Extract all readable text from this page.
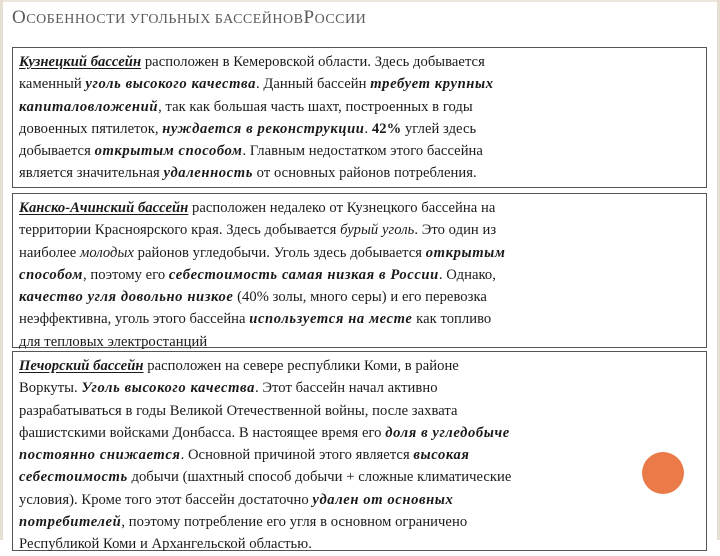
ОСОБЕННОСТИ УГОЛЬНЫХ БАССЕЙНОВРОССИИ
Кузнецкий бассейн расположен в Кемеровской области. Здесь добывается
каменный уголь высокого качества. Данный бассейн требует крупных
капиталовложений, так как большая часть шахт, построенных в годы
довоенных пятилеток, нуждается в реконструкции. 42% углей здесь
добывается открытым способом. Главным недостатком этого бассейна
является значительная удаленность от основных районов потребления.
Канско-Ачинский бассейн расположен недалеко от Кузнецкого бассейна на
территории Красноярского края. Здесь добывается бурый уголь. Это один из
наиболее молодых районов угледобычи. Уголь здесь добывается открытым
способом, поэтому его себестоимость самая низкая в России. Однако,
качество угля довольно низкое (40% золы, много серы) и его перевозка
неэффективна, уголь этого бассейна используется на месте как топливо
для тепловых электростанций
Печорский бассейн расположен на севере республики Коми, в районе
Воркуты. Уголь высокого качества. Этот бассейн начал активно
разрабатываться в годы Великой Отечественной войны, после захвата
фашистскими войсками Донбасса. В настоящее время его доля в угледобыче
постоянно снижается. Основной причиной этого является высокая
себестоимость добычи (шахтный способ добычи + сложные климатические
условия). Кроме того этот бассейн достаточно удален от основных
потребителей, поэтому потребление его угля в основном ограничено
Республикой Коми и Архангельской областью.
